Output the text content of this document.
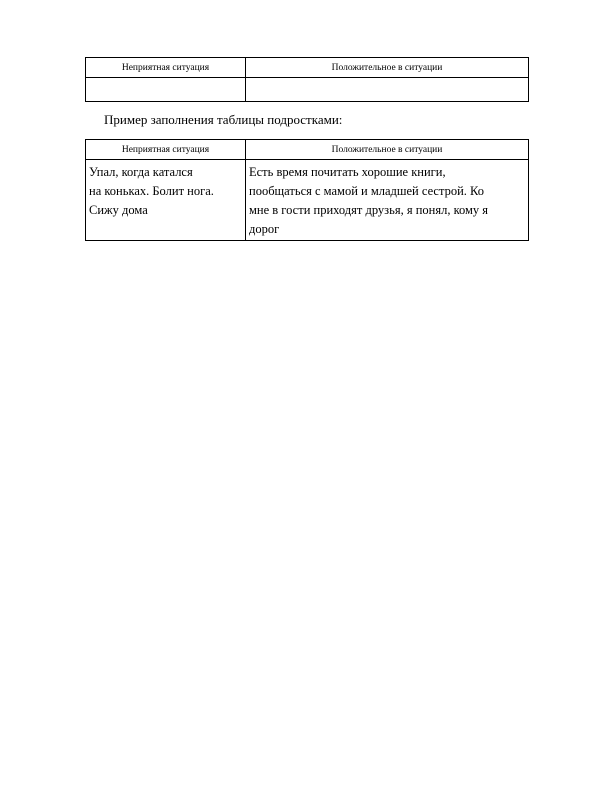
Неприятная ситуация	Положительное в ситуации

Пример заполнения таблицы подростками:
Неприятная ситуация	Положительное в ситуации
Упал, когда катался
на коньках. Болит нога.
Сижу дома	Есть время почитать хорошие книги,
пообщаться с мамой и младшей сестрой. Ко
мне в гости приходят друзья, я понял, кому я
дорог
